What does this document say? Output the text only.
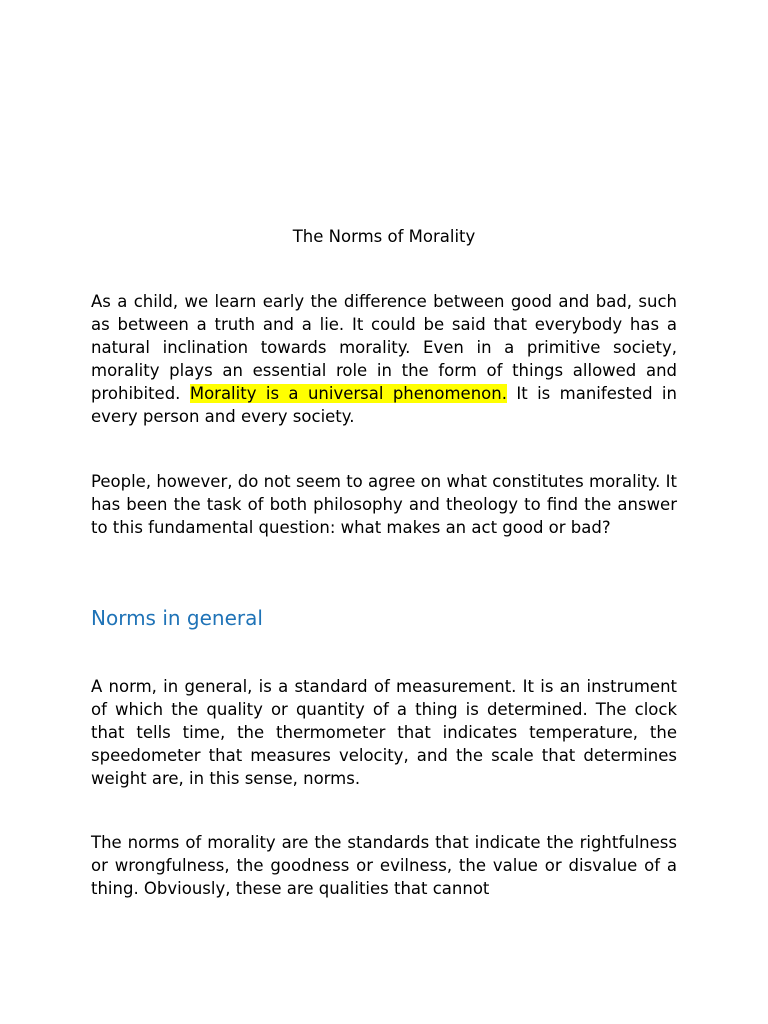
The Norms of Morality

As a child, we learn early the difference between good and bad, such as between a truth and a lie. It could be said that everybody has a natural inclination towards morality. Even in a primitive society, morality plays an essential role in the form of things allowed and prohibited. Morality is a universal phenomenon. It is manifested in every person and every society.

People, however, do not seem to agree on what constitutes morality. It has been the task of both philosophy and theology to find the answer to this fundamental question: what makes an act good or bad?

Norms in general

A norm, in general, is a standard of measurement. It is an instrument of which the quality or quantity of a thing is determined. The clock that tells time, the thermometer that indicates temperature, the speedometer that measures velocity, and the scale that determines weight are, in this sense, norms.

The norms of morality are the standards that indicate the rightfulness or wrongfulness, the goodness or evilness, the value or disvalue of a thing. Obviously, these are qualities that cannot
